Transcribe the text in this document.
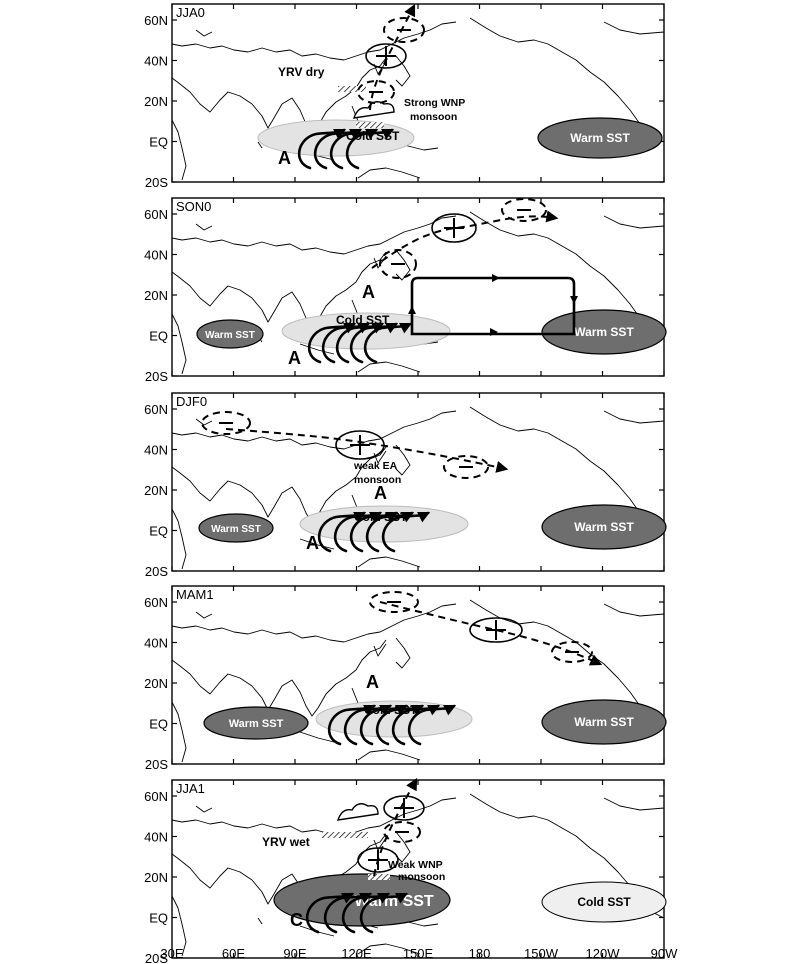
60N
40N
20N
EQ
20S
JJA0
Cold SST	Warm SST
A
YRV dry
Strong WNP
monsoon
60N
40N
20N
EQ
20S
SON0
Warm SST
Cold SST
Warm SST
A
A
60N
40N
20N
EQ
20S
DJF0
Warm SST
Cold SST
Warm SST
A
A
weak EA
monsoon
60N
40N
20N
EQ
20S
MAM1
Warm SST
Cold SST
Warm SST
A
60N
40N
20N
EQ
20S
JJA1
Warm SST	Cold SST
C
YRV wet
Weak WNP
monsoon
30E	60E	90E	120E 150E	180	150W 120W 90W
